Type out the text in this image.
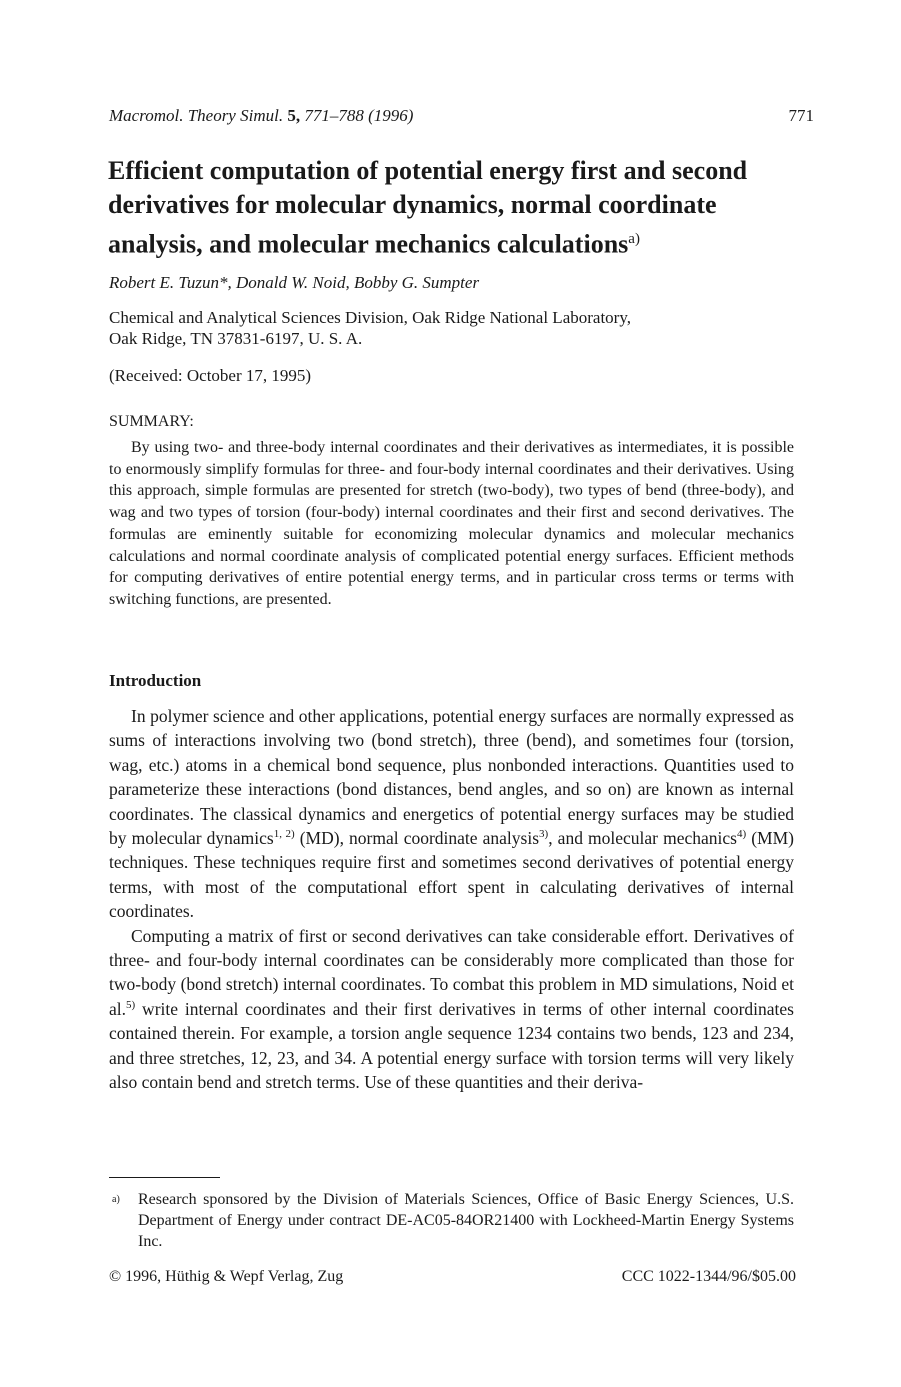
Macromol. Theory Simul. 5, 771–788 (1996)	771
Efficient computation of potential energy first and second derivatives for molecular dynamics, normal coordinate analysis, and molecular mechanics calculations$^{a)}$
Robert E. Tuzun*, Donald W. Noid, Bobby G. Sumpter
Chemical and Analytical Sciences Division, Oak Ridge National Laboratory,
Oak Ridge, TN 37831-6197, U. S. A.
(Received: October 17, 1995)
SUMMARY:

By using two- and three-body internal coordinates and their derivatives as intermediates, it is possible to enormously simplify formulas for three- and four-body internal coordinates and their derivatives. Using this approach, simple formulas are presented for stretch (two-body), two types of bend (three-body), and wag and two types of torsion (four-body) internal coordinates and their first and second derivatives. The formulas are eminently suitable for economizing molecular dynamics and molecular mechanics calculations and normal coordinate analysis of complicated potential energy surfaces. Efficient methods for computing derivatives of entire potential energy terms, and in particular cross terms or terms with switching functions, are presented.

Introduction

In polymer science and other applications, potential energy surfaces are normally expressed as sums of interactions involving two (bond stretch), three (bend), and sometimes four (torsion, wag, etc.) atoms in a chemical bond sequence, plus nonbonded interactions. Quantities used to parameterize these interactions (bond distances, bend angles, and so on) are known as internal coordinates. The classical dynamics and energetics of potential energy surfaces may be studied by molecular dynamics$^{1, 2)}$ (MD), normal coordinate analysis$^{3)}$, and molecular mechanics$^{4)}$ (MM) techniques. These techniques require first and sometimes second derivatives of potential energy terms, with most of the computational effort spent in calculating derivatives of internal coordinates.

Computing a matrix of first or second derivatives can take considerable effort. Derivatives of three- and four-body internal coordinates can be considerably more complicated than those for two-body (bond stretch) internal coordinates. To combat this problem in MD simulations, Noid et al.$^{5)}$ write internal coordinates and their first derivatives in terms of other internal coordinates contained therein. For example, a torsion angle sequence 1234 contains two bends, 123 and 234, and three stretches, 12, 23, and 34. A potential energy surface with torsion terms will very likely also contain bend and stretch terms. Use of these quantities and their deriva-

a) Research sponsored by the Division of Materials Sciences, Office of Basic Energy Sciences, U.S. Department of Energy under contract DE-AC05-84OR21400 with Lockheed-Martin Energy Systems Inc.
© 1996, Hüthig & Wepf Verlag, Zug	CCC 1022-1344/96/$05.00
